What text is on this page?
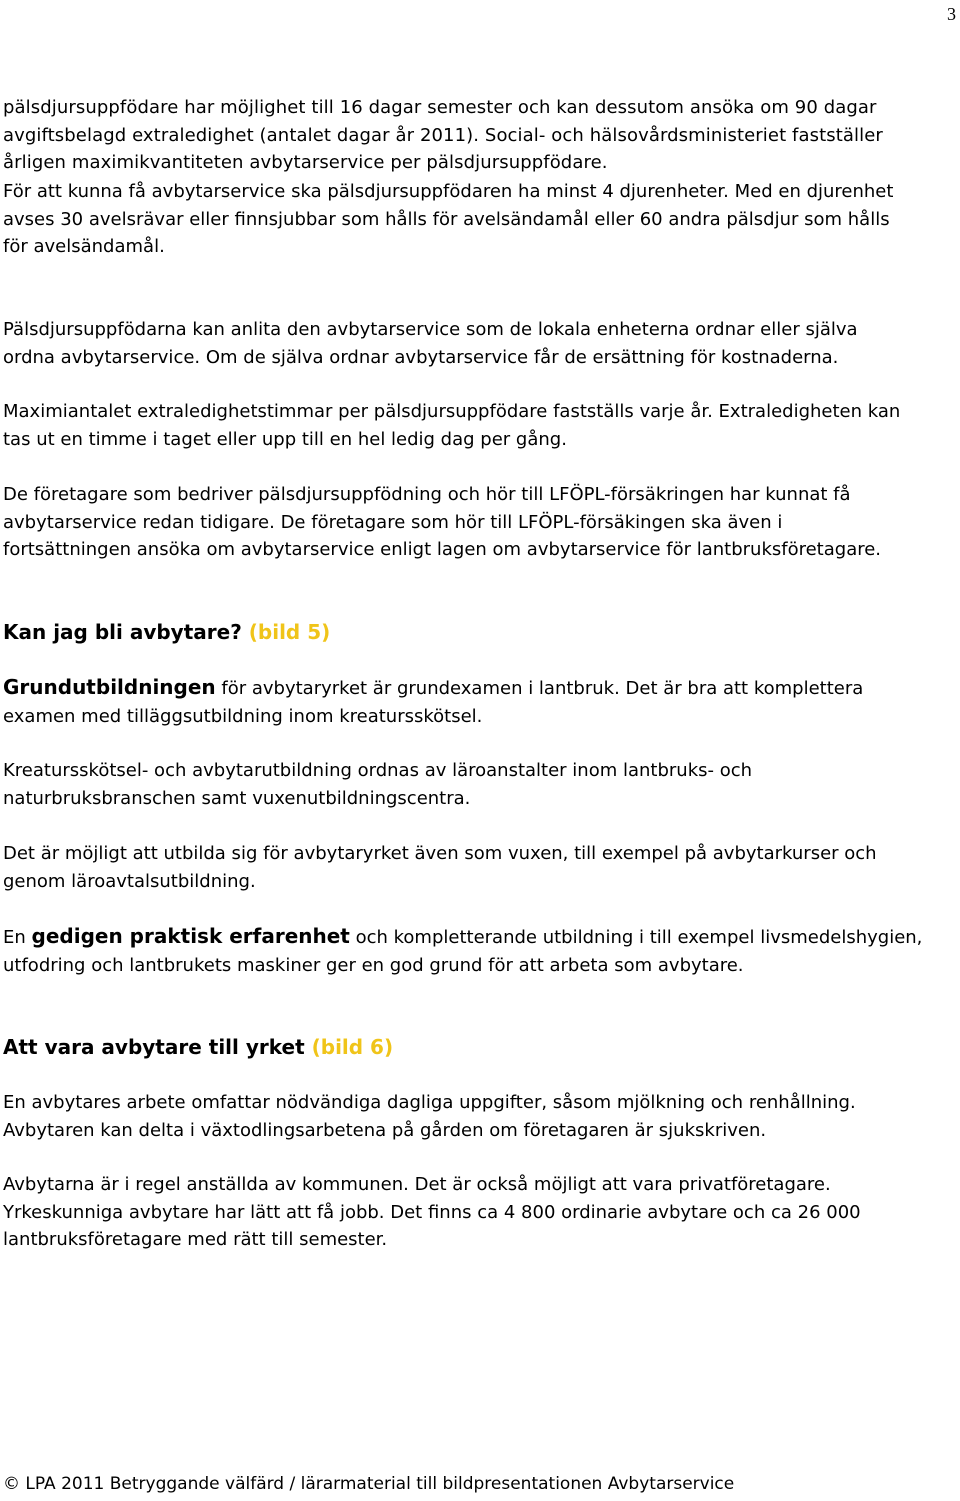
3
pälsdjursuppfödare har möjlighet till 16 dagar semester och kan dessutom ansöka om 90 dagar
avgiftsbelagd extraledighet (antalet dagar år 2011). Social- och hälsovårdsministeriet fastställer
årligen maximikvantiteten avbytarservice per pälsdjursuppfödare.
För att kunna få avbytarservice ska pälsdjursuppfödaren ha minst 4 djurenheter. Med en djurenhet
avses 30 avelsrävar eller finnsjubbar som hålls för avelsändamål eller 60 andra pälsdjur som hålls
för avelsändamål.
Pälsdjursuppfödarna kan anlita den avbytarservice som de lokala enheterna ordnar eller själva
ordna avbytarservice. Om de själva ordnar avbytarservice får de ersättning för kostnaderna.
Maximiantalet extraledighetstimmar per pälsdjursuppfödare fastställs varje år. Extraledigheten kan
tas ut en timme i taget eller upp till en hel ledig dag per gång.
De företagare som bedriver pälsdjursuppfödning och hör till LFÖPL-försäkringen har kunnat få
avbytarservice redan tidigare. De företagare som hör till LFÖPL-försäkingen ska även i
fortsättningen ansöka om avbytarservice enligt lagen om avbytarservice för lantbruksföretagare.
Kan jag bli avbytare? (bild 5)
Grundutbildningen för avbytaryrket är grundexamen i lantbruk. Det är bra att komplettera
examen med tilläggsutbildning inom kreatursskötsel.
Kreatursskötsel- och avbytarutbildning ordnas av läroanstalter inom lantbruks- och
naturbruksbranschen samt vuxenutbildningscentra.
Det är möjligt att utbilda sig för avbytaryrket även som vuxen, till exempel på avbytarkurser och
genom läroavtalsutbildning.
En gedigen praktisk erfarenhet och kompletterande utbildning i till exempel livsmedelshygien,
utfodring och lantbrukets maskiner ger en god grund för att arbeta som avbytare.
Att vara avbytare till yrket (bild 6)
En avbytares arbete omfattar nödvändiga dagliga uppgifter, såsom mjölkning och renhållning.
Avbytaren kan delta i växtodlingsarbetena på gården om företagaren är sjukskriven.
Avbytarna är i regel anställda av kommunen. Det är också möjligt att vara privatföretagare.
Yrkeskunniga avbytare har lätt att få jobb. Det finns ca 4 800 ordinarie avbytare och ca 26 000
lantbruksföretagare med rätt till semester.
© LPA 2011 Betryggande välfärd / lärarmaterial till bildpresentationen Avbytarservice
